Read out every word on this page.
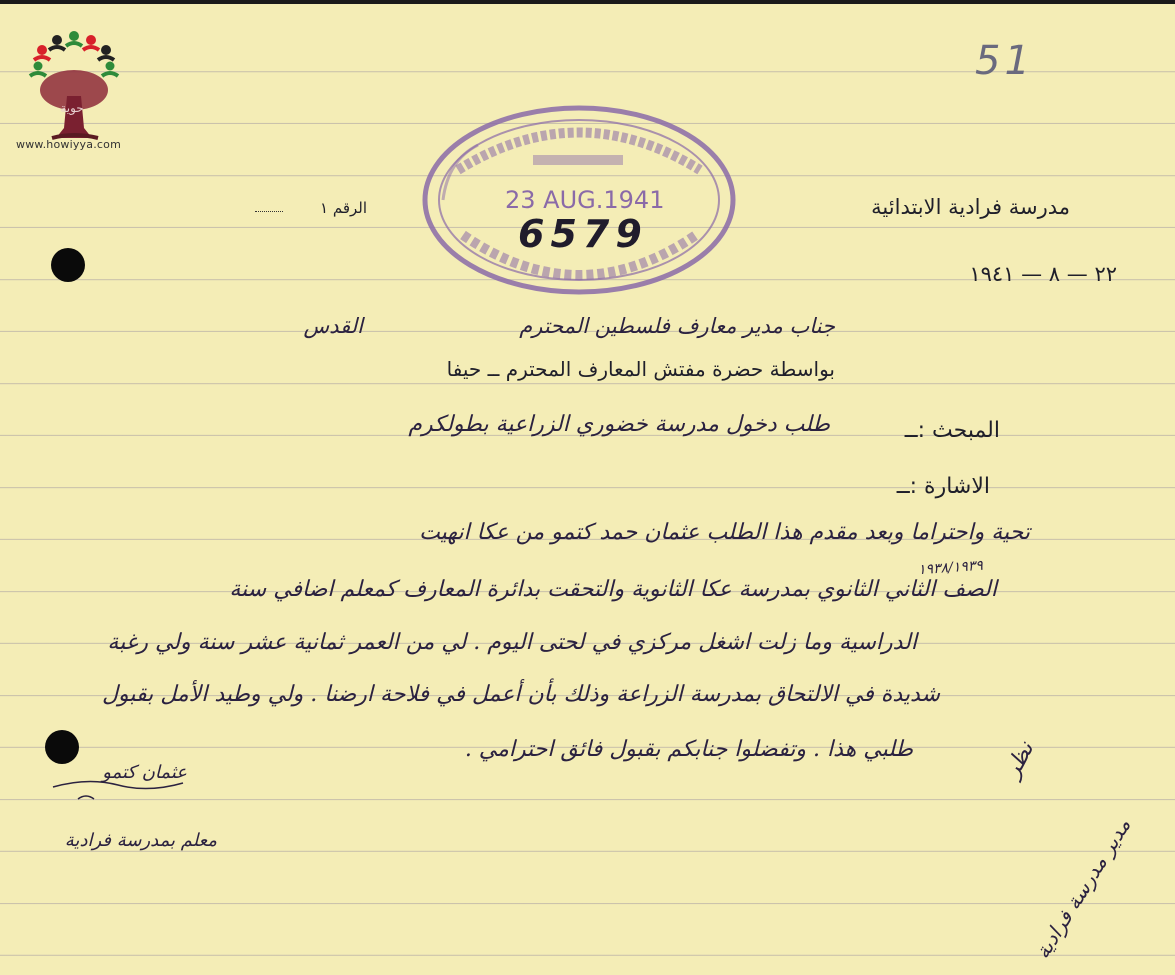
حوية
www.howiyya.com
51
23 AUG.1941
6579
مدرسة فرادية الابتدائية
الرقم ١
٢٢ — ٨ — ١٩٤١
جناب مدير معارف فلسطين المحترم
القدس
بواسطة حضرة مفتش المعارف المحترم ــ حيفا
المبحث :ــ
طلب دخول مدرسة خضوري الزراعية بطولكرم
الاشارة :ــ
تحية واحتراما وبعد مقدم هذا الطلب عثمان حمد كتمو من عكا انهيت
الصف الثاني الثانوي بمدرسة عكا الثانوية والتحقت بدائرة المعارف كمعلم اضافي سنة
١٩٣٨/١٩٣٩
الدراسية وما زلت اشغل مركزي في لحتى اليوم . لي من العمر ثمانية عشر سنة ولي رغبة
شديدة في الالتحاق بمدرسة الزراعة وذلك بأن أعمل في فلاحة ارضنا . ولي وطيد الأمل بقبول
طلبي هذا . وتفضلوا جنابكم بقبول فائق احترامي .
عثمان كتمو
معلم بمدرسة فرادية
نظر
مدير مدرسة فرادية
